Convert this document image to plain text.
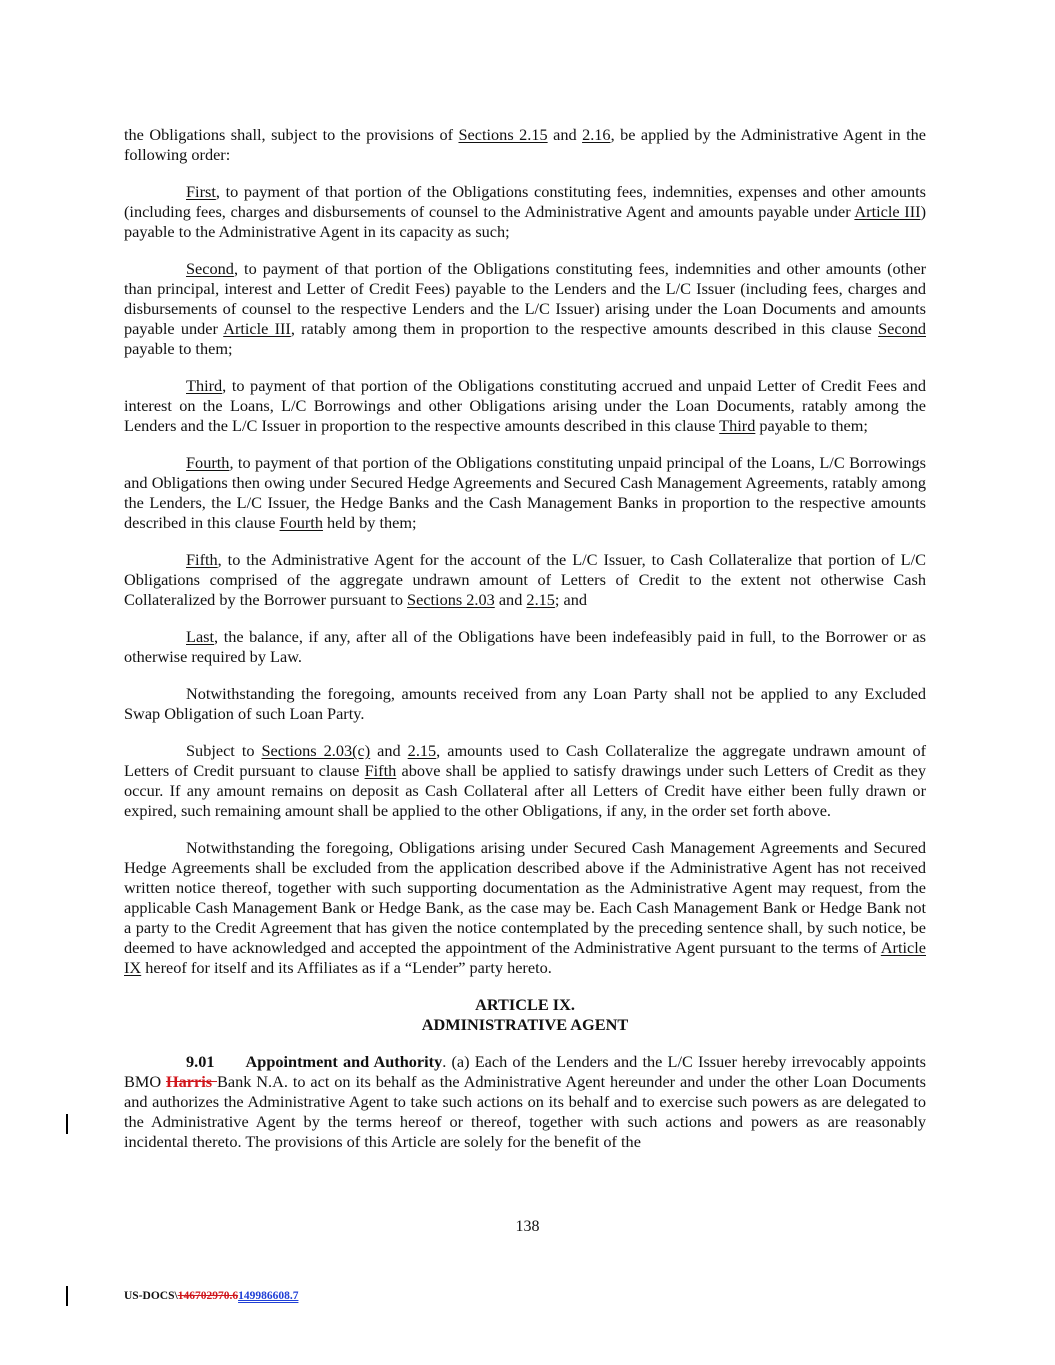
the Obligations shall, subject to the provisions of Sections 2.15 and 2.16, be applied by the Administrative Agent in the following order:

First, to payment of that portion of the Obligations constituting fees, indemnities, expenses and other amounts (including fees, charges and disbursements of counsel to the Administrative Agent and amounts payable under Article III) payable to the Administrative Agent in its capacity as such;

Second, to payment of that portion of the Obligations constituting fees, indemnities and other amounts (other than principal, interest and Letter of Credit Fees) payable to the Lenders and the L/C Issuer (including fees, charges and disbursements of counsel to the respective Lenders and the L/C Issuer) arising under the Loan Documents and amounts payable under Article III, ratably among them in proportion to the respective amounts described in this clause Second payable to them;

Third, to payment of that portion of the Obligations constituting accrued and unpaid Letter of Credit Fees and interest on the Loans, L/C Borrowings and other Obligations arising under the Loan Documents, ratably among the Lenders and the L/C Issuer in proportion to the respective amounts described in this clause Third payable to them;

Fourth, to payment of that portion of the Obligations constituting unpaid principal of the Loans, L/C Borrowings and Obligations then owing under Secured Hedge Agreements and Secured Cash Management Agreements, ratably among the Lenders, the L/C Issuer, the Hedge Banks and the Cash Management Banks in proportion to the respective amounts described in this clause Fourth held by them;

Fifth, to the Administrative Agent for the account of the L/C Issuer, to Cash Collateralize that portion of L/C Obligations comprised of the aggregate undrawn amount of Letters of Credit to the extent not otherwise Cash Collateralized by the Borrower pursuant to Sections 2.03 and 2.15; and

Last, the balance, if any, after all of the Obligations have been indefeasibly paid in full, to the Borrower or as otherwise required by Law.

Notwithstanding the foregoing, amounts received from any Loan Party shall not be applied to any Excluded Swap Obligation of such Loan Party.

Subject to Sections 2.03(c) and 2.15, amounts used to Cash Collateralize the aggregate undrawn amount of Letters of Credit pursuant to clause Fifth above shall be applied to satisfy drawings under such Letters of Credit as they occur. If any amount remains on deposit as Cash Collateral after all Letters of Credit have either been fully drawn or expired, such remaining amount shall be applied to the other Obligations, if any, in the order set forth above.

Notwithstanding the foregoing, Obligations arising under Secured Cash Management Agreements and Secured Hedge Agreements shall be excluded from the application described above if the Administrative Agent has not received written notice thereof, together with such supporting documentation as the Administrative Agent may request, from the applicable Cash Management Bank or Hedge Bank, as the case may be. Each Cash Management Bank or Hedge Bank not a party to the Credit Agreement that has given the notice contemplated by the preceding sentence shall, by such notice, be deemed to have acknowledged and accepted the appointment of the Administrative Agent pursuant to the terms of Article IX hereof for itself and its Affiliates as if a “Lender” party hereto.

ARTICLE IX.
ADMINISTRATIVE AGENT

9.01 Appointment and Authority. (a) Each of the Lenders and the L/C Issuer hereby irrevocably appoints BMO Harris Bank N.A. to act on its behalf as the Administrative Agent hereunder and under the other Loan Documents and authorizes the Administrative Agent to take such actions on its behalf and to exercise such powers as are delegated to the Administrative Agent by the terms hereof or thereof, together with such actions and powers as are reasonably incidental thereto. The provisions of this Article are solely for the benefit of the

138
US-DOCS\146702970.6149986608.7
